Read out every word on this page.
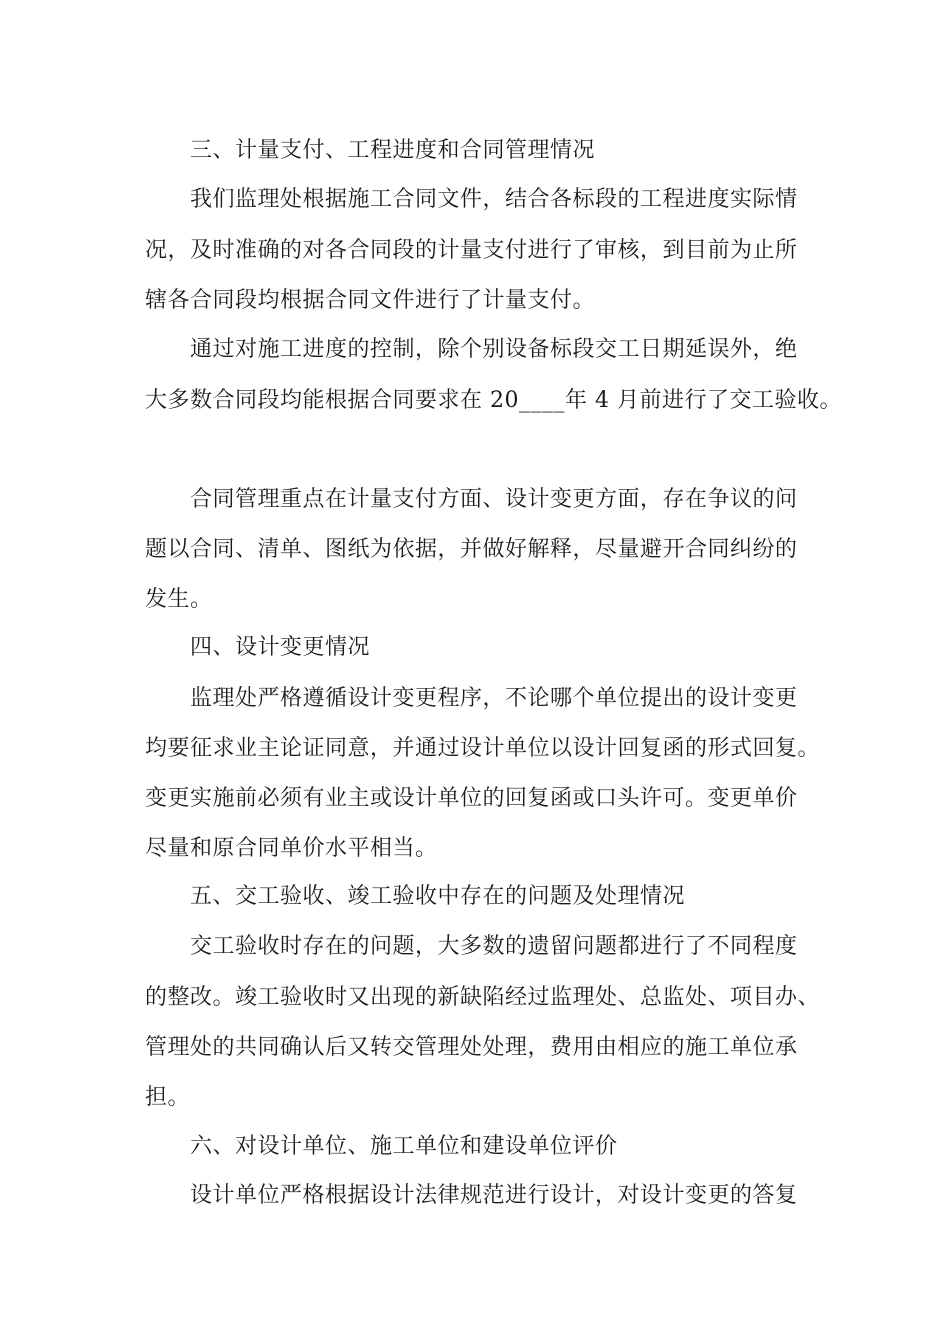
三、计量支付、工程进度和合同管理情况

我们监理处根据施工合同文件，结合各标段的工程进度实际情

况，及时准确的对各合同段的计量支付进行了审核，到目前为止所

辖各合同段均根据合同文件进行了计量支付。

通过对施工进度的控制，除个别设备标段交工日期延误外，绝

大多数合同段均能根据合同要求在 20____年 4 月前进行了交工验收。

合同管理重点在计量支付方面、设计变更方面，存在争议的问

题以合同、清单、图纸为依据，并做好解释，尽量避开合同纠纷的

发生。

四、设计变更情况

监理处严格遵循设计变更程序，不论哪个单位提出的设计变更

均要征求业主论证同意，并通过设计单位以设计回复函的形式回复。

变更实施前必须有业主或设计单位的回复函或口头许可。变更单价

尽量和原合同单价水平相当。

五、交工验收、竣工验收中存在的问题及处理情况

交工验收时存在的问题，大多数的遗留问题都进行了不同程度

的整改。竣工验收时又出现的新缺陷经过监理处、总监处、项目办、

管理处的共同确认后又转交管理处处理，费用由相应的施工单位承

担。

六、对设计单位、施工单位和建设单位评价

设计单位严格根据设计法律规范进行设计，对设计变更的答复
